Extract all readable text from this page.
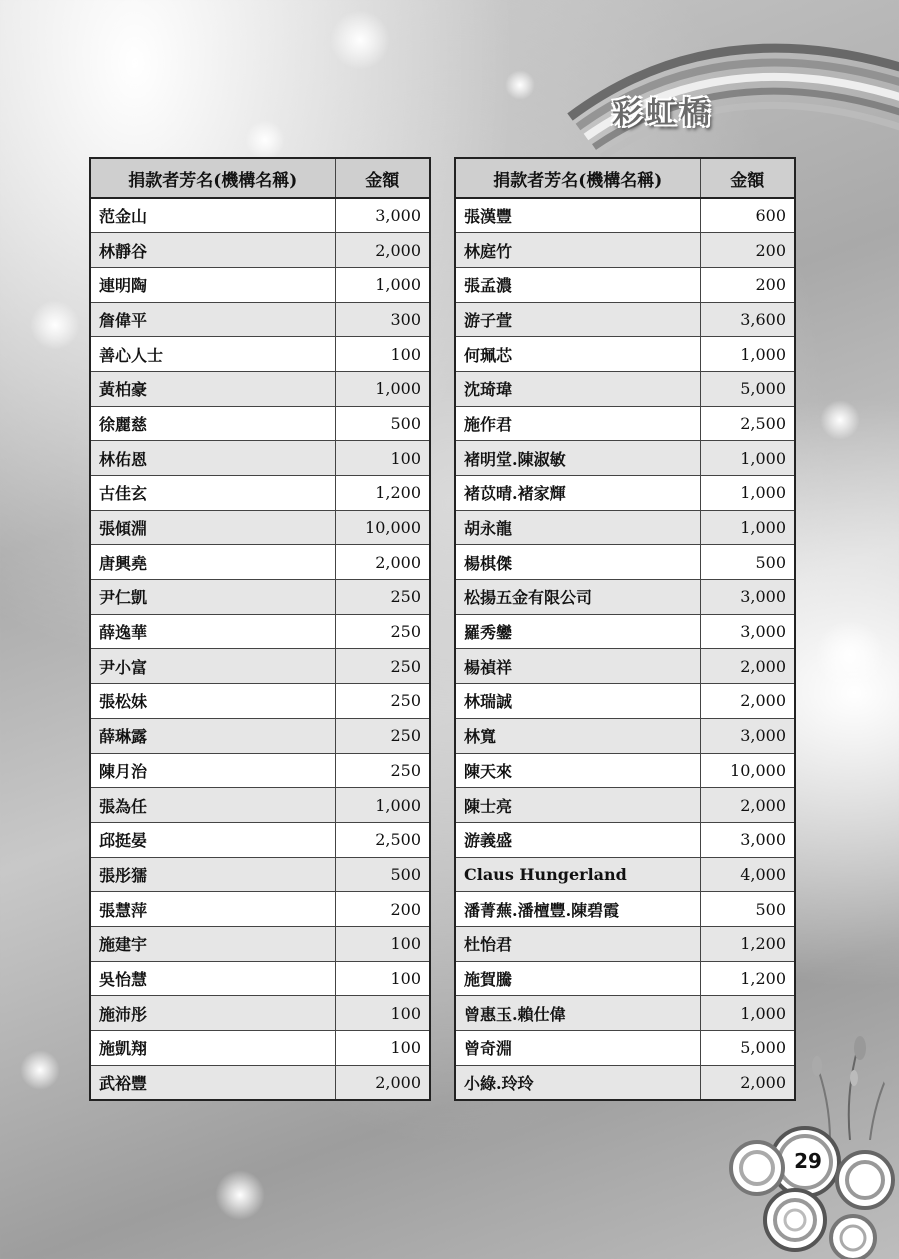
彩虹橋
捐款者芳名(機構名稱)	金額
范金山	3,000
林靜谷	2,000
連明陶	1,000
詹偉平	300
善心人士	100
黃柏豪	1,000
徐麗慈	500
林佑恩	100
古佳玄	1,200
張傾淵	10,000
唐興堯	2,000
尹仁凱	250
薛逸華	250
尹小富	250
張松妹	250
薛琳露	250
陳月治	250
張為任	1,000
邱挺晏	2,500
張彤獳	500
張慧萍	200
施建宇	100
吳怡慧	100
施沛彤	100
施凱翔	100
武裕豐	2,000
捐款者芳名(機構名稱)	金額
張漢豐	600
林庭竹	200
張孟濃	200
游子萱	3,600
何珮芯	1,000
沈琦瑋	5,000
施作君	2,500
褚明堂.陳淑敏	1,000
褚苡晴.褚家輝	1,000
胡永龍	1,000
楊棋傑	500
松揚五金有限公司	3,000
羅秀鑾	3,000
楊禎祥	2,000
林瑞誠	2,000
林寬	3,000
陳天來	10,000
陳士亮	2,000
游義盛	3,000
Claus Hungerland	4,000
潘菁蕪.潘檀豐.陳碧霞	500
杜怡君	1,200
施賀騰	1,200
曾惠玉.賴仕偉	1,000
曾奇淵	5,000
小綠.玲玲	2,000
29
